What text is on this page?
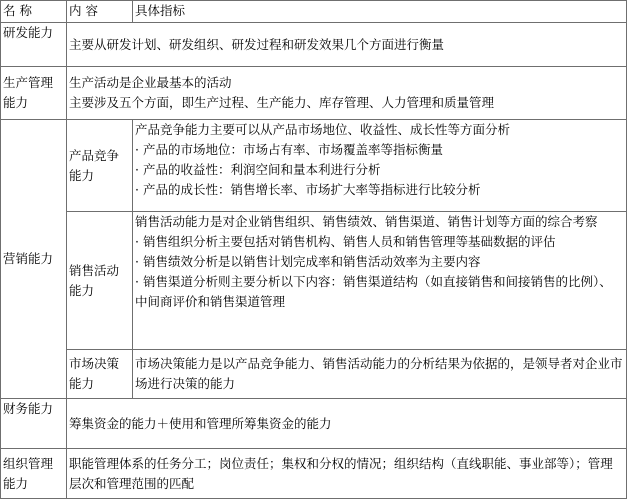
名 称	内 容	具体指标
研发能力	主要从研发计划、研发组织、研发过程和研发效果几个方面进行衡量	
生产管理能力	生产活动是企业最基本的活动
主要涉及五个方面，即生产过程、生产能力、库存管理、人力管理和质量管理	

营销能力	产品竞争能力	产品竞争能力主要可以从产品市场地位、收益性、成长性等方面分析
· 产品的市场地位：市场占有率、市场覆盖率等指标衡量
· 产品的收益性：利润空间和量本利进行分析
· 产品的成长性：销售增长率、市场扩大率等指标进行比较分析

	销售活动能力	销售活动能力是对企业销售组织、销售绩效、销售渠道、销售计划等方面的综合考察
· 销售组织分析主要包括对销售机构、销售人员和销售管理等基础数据的评估
· 销售绩效分析是以销售计划完成率和销售活动效率为主要内容
· 销售渠道分析则主要分析以下内容：销售渠道结构（如直接销售和间接销售的比例）、中间商评价和销售渠道管理

	市场决策能力	市场决策能力是以产品竞争能力、销售活动能力的分析结果为依据的，是领导者对企业市场进行决策的能力
财务能力	筹集资金的能力＋使用和管理所筹集资金的能力	
组织管理能力	职能管理体系的任务分工；岗位责任；集权和分权的情况；组织结构（直线职能、事业部等）；管理层次和管理范围的匹配	
